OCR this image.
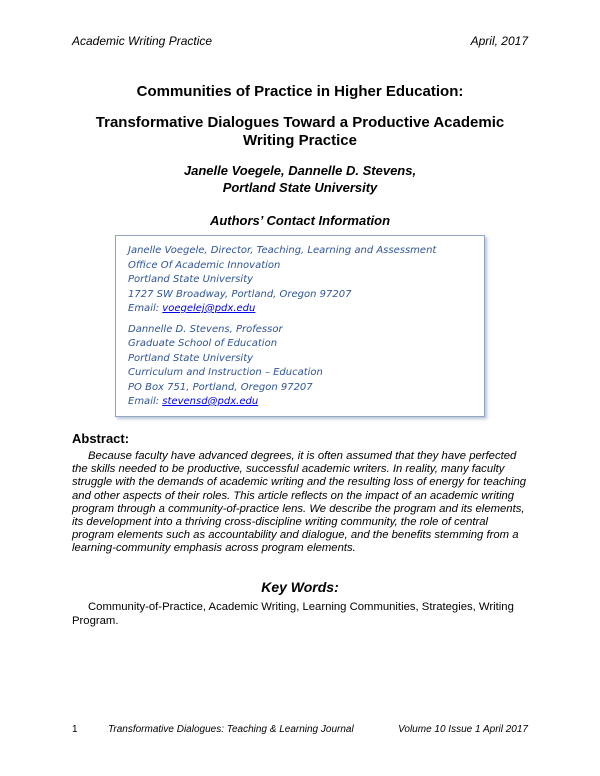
Academic Writing Practice	April, 2017
Communities of Practice in Higher Education:
Transformative Dialogues Toward a Productive Academic
Writing Practice
Janelle Voegele, Dannelle D. Stevens,
Portland State University
Authors’ Contact Information
Janelle Voegele, Director, Teaching, Learning and Assessment
Office Of Academic Innovation
Portland State University
1727 SW Broadway, Portland, Oregon 97207
Email: voegelej@pdx.edu
Dannelle D. Stevens, Professor
Graduate School of Education
Portland State University
Curriculum and Instruction – Education
PO Box 751, Portland, Oregon 97207
Email: stevensd@pdx.edu
Abstract:
Because faculty have advanced degrees, it is often assumed that they have perfected the skills needed to be productive, successful academic writers. In reality, many faculty struggle with the demands of academic writing and the resulting loss of energy for teaching and other aspects of their roles. This article reflects on the impact of an academic writing program through a community-of-practice lens. We describe the program and its elements, its development into a thriving cross-discipline writing community, the role of central program elements such as accountability and dialogue, and the benefits stemming from a learning-community emphasis across program elements.
Key Words:
Community-of-Practice, Academic Writing, Learning Communities, Strategies, Writing Program.
1	Transformative Dialogues: Teaching & Learning Journal	Volume 10 Issue 1 April 2017
